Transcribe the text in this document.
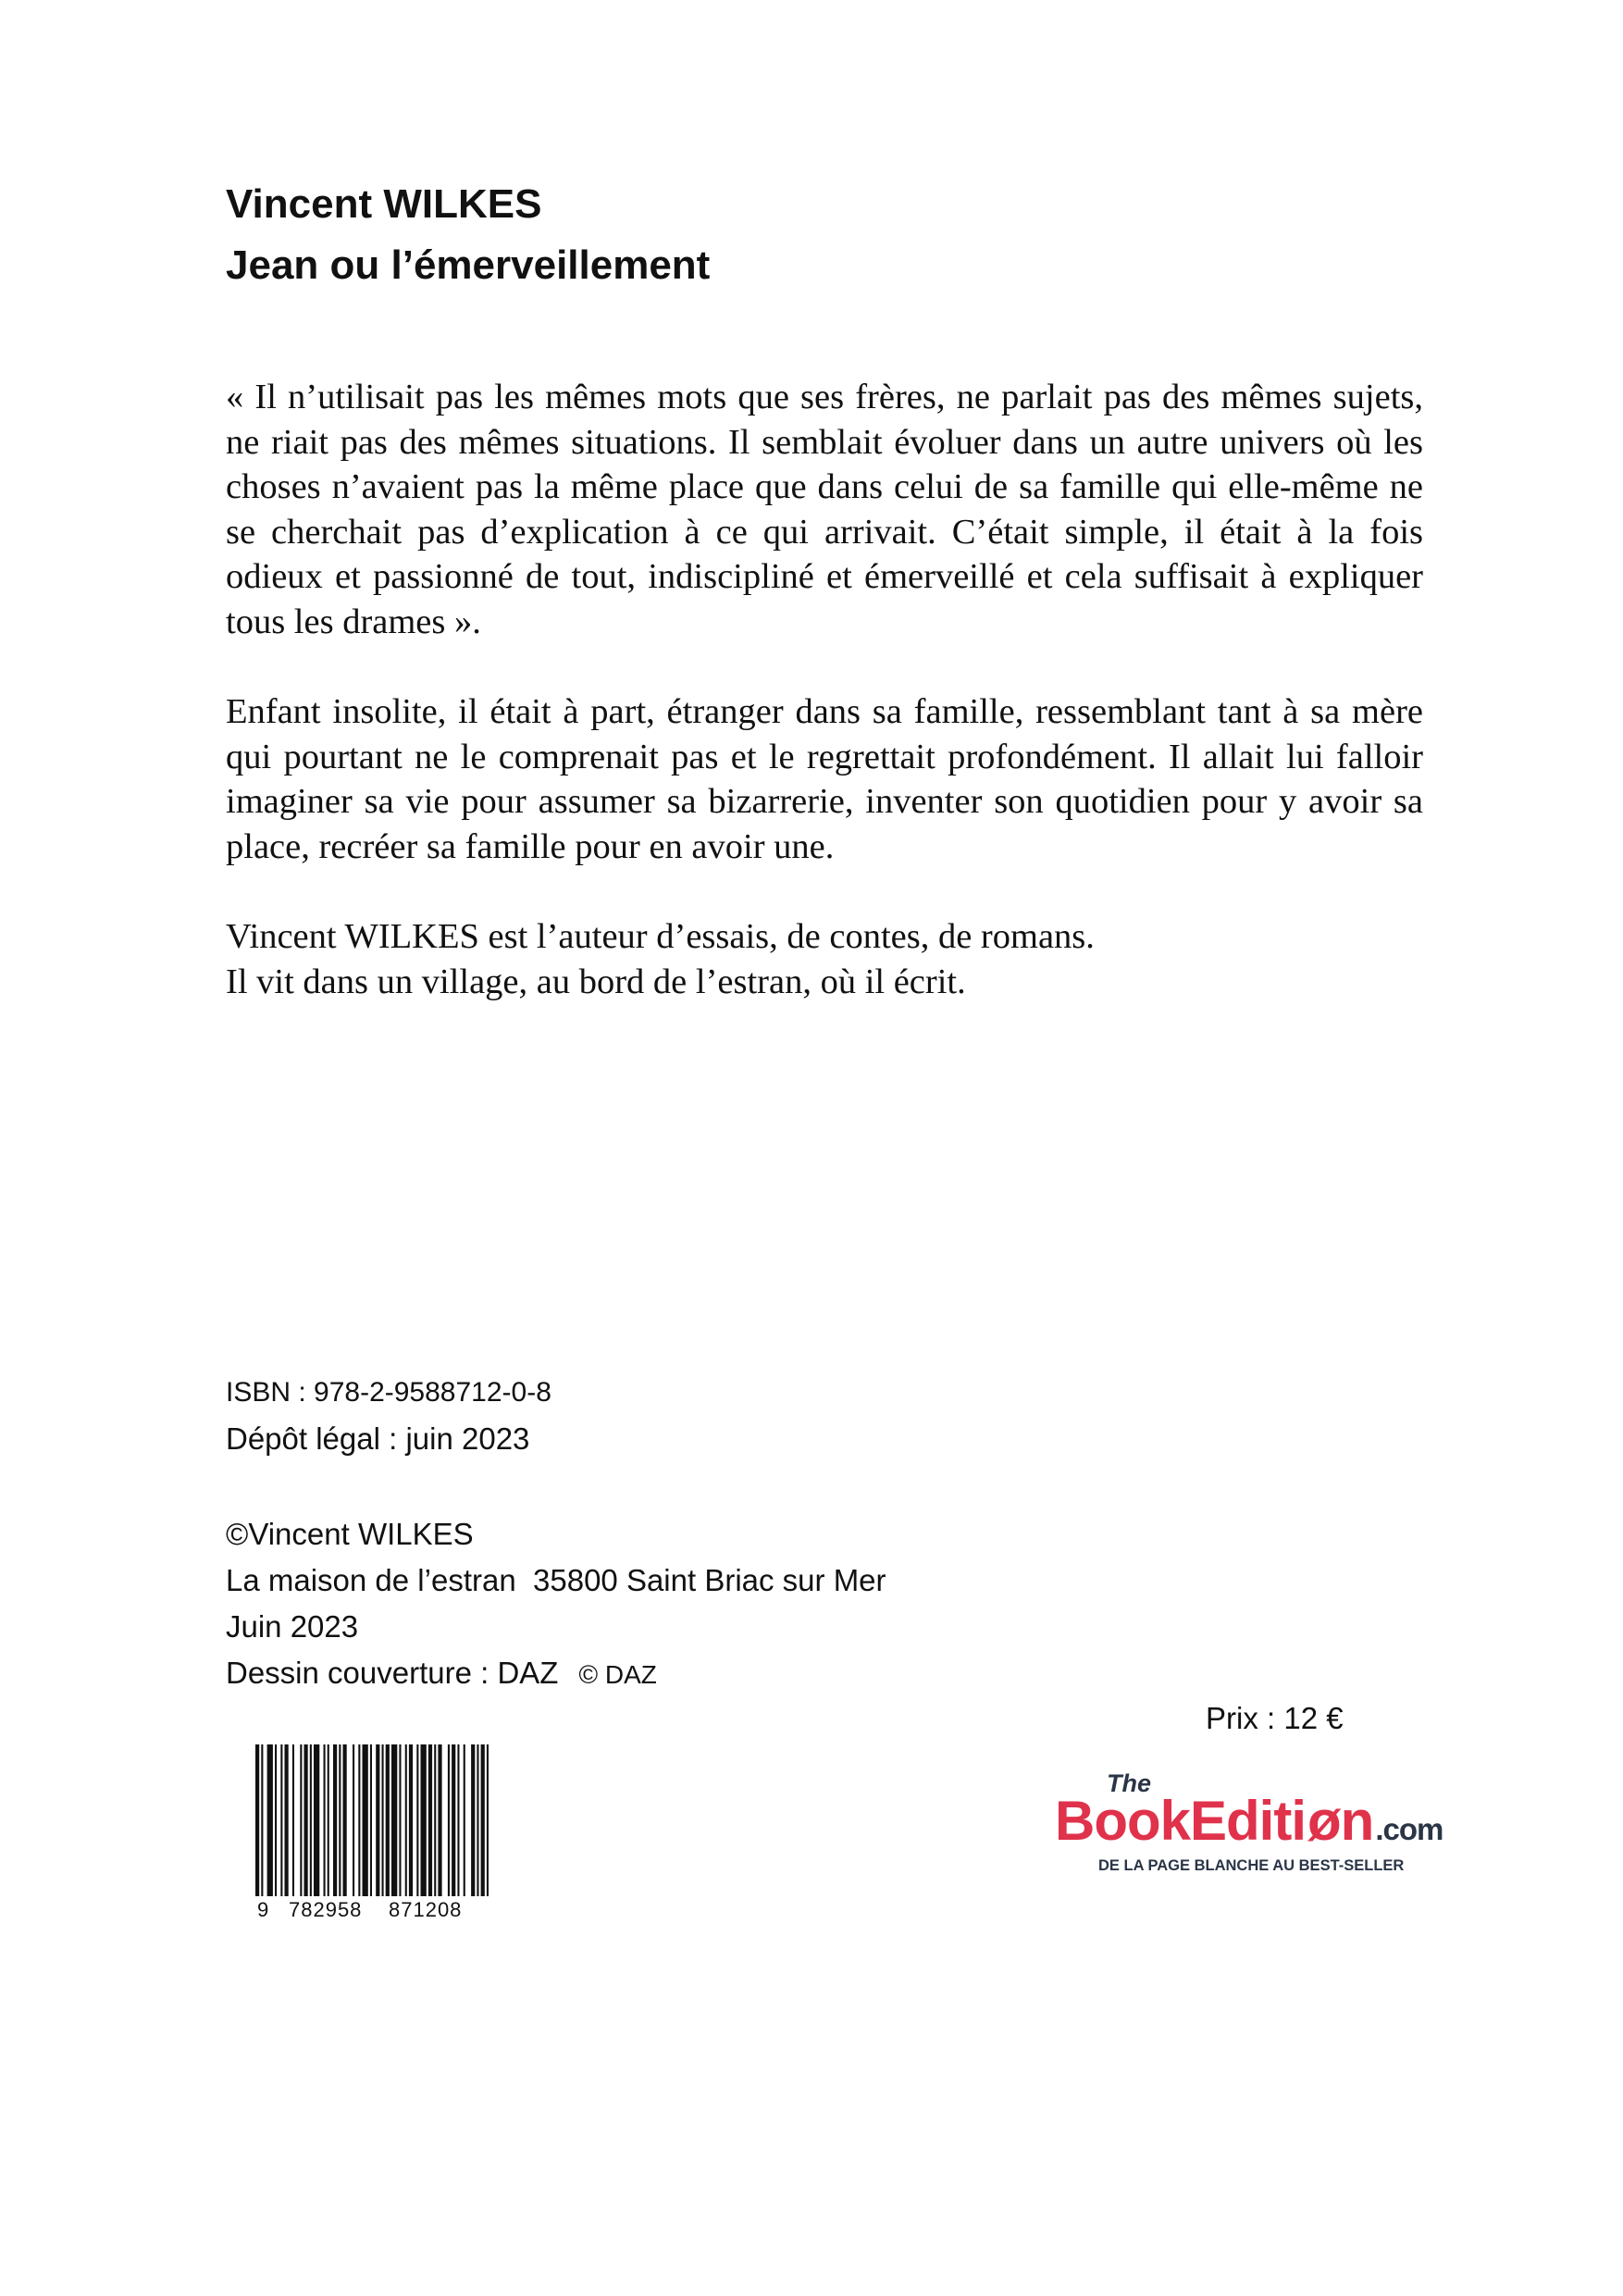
Vincent WILKES
Jean ou l’émerveillement

« Il n’utilisait pas les mêmes mots que ses frères, ne parlait pas des mêmes sujets, ne riait pas des mêmes situations. Il semblait évoluer dans un autre univers où les choses n’avaient pas la même place que dans celui de sa famille qui elle-même ne se cherchait pas d’explication à ce qui arrivait. C’était simple, il était à la fois odieux et passionné de tout, indiscipliné et émerveillé et cela suffisait à expliquer tous les drames ».

Enfant insolite, il était à part, étranger dans sa famille, ressemblant tant à sa mère qui pourtant ne le comprenait pas et le regrettait profondément. Il allait lui falloir imaginer sa vie pour assumer sa bizarrerie, inventer son quotidien pour y avoir sa place, recréer sa famille pour en avoir une.

Vincent WILKES est l’auteur d’essais, de contes, de romans.

Il vit dans un village, au bord de l’estran, où il écrit.

ISBN : 978-2-9588712-0-8
Dépôt légal : juin 2023
©Vincent WILKES
La maison de l’estran  35800 Saint Briac sur Mer
Juin 2023
Dessin couverture : DAZ © DAZ
Prix : 12 €
9 782958 871208
The
BookEditiøn.com
DE LA PAGE BLANCHE AU BEST-SELLER
